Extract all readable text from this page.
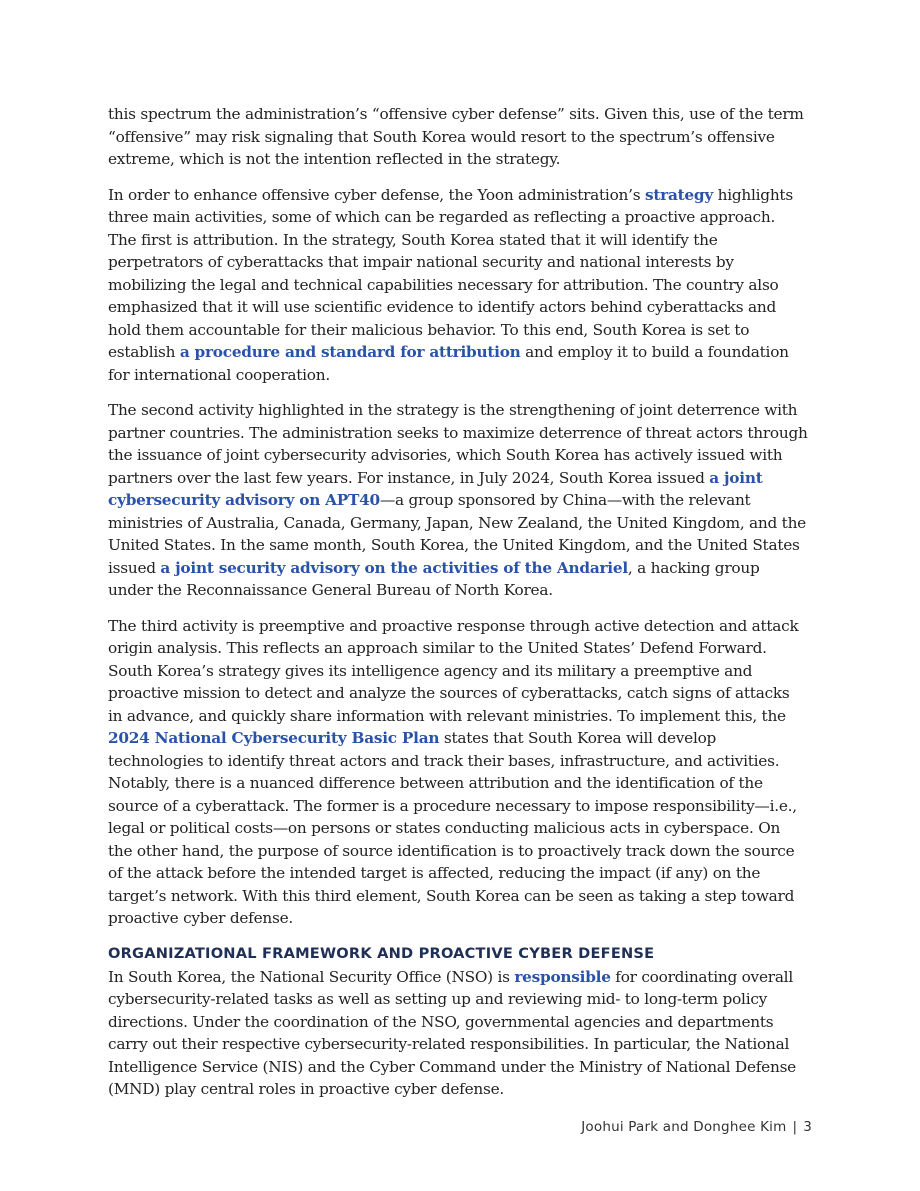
this spectrum the administration’s “offensive cyber defense” sits. Given this, use of the term “offensive” may risk signaling that South Korea would resort to the spectrum’s offensive extreme, which is not the intention reflected in the strategy.

In order to enhance offensive cyber defense, the Yoon administration’s strategy highlights three main activities, some of which can be regarded as reflecting a proactive approach. The first is attribution. In the strategy, South Korea stated that it will identify the perpetrators of cyberattacks that impair national security and national interests by mobilizing the legal and technical capabilities necessary for attribution. The country also emphasized that it will use scientific evidence to identify actors behind cyberattacks and hold them accountable for their malicious behavior. To this end, South Korea is set to establish a procedure and standard for attribution and employ it to build a foundation for international cooperation.

The second activity highlighted in the strategy is the strengthening of joint deterrence with partner countries. The administration seeks to maximize deterrence of threat actors through the issuance of joint cybersecurity advisories, which South Korea has actively issued with partners over the last few years. For instance, in July 2024, South Korea issued a joint cybersecurity advisory on APT40—a group sponsored by China—with the relevant ministries of Australia, Canada, Germany, Japan, New Zealand, the United Kingdom, and the United States. In the same month, South Korea, the United Kingdom, and the United States issued a joint security advisory on the activities of the Andariel, a hacking group under the Reconnaissance General Bureau of North Korea.

The third activity is preemptive and proactive response through active detection and attack origin analysis. This reflects an approach similar to the United States’ Defend Forward. South Korea’s strategy gives its intelligence agency and its military a preemptive and proactive mission to detect and analyze the sources of cyberattacks, catch signs of attacks in advance, and quickly share information with relevant ministries. To implement this, the 2024 National Cybersecurity Basic Plan states that South Korea will develop technologies to identify threat actors and track their bases, infrastructure, and activities. Notably, there is a nuanced difference between attribution and the identification of the source of a cyberattack. The former is a procedure necessary to impose responsibility—i.e., legal or political costs—on persons or states conducting malicious acts in cyberspace. On the other hand, the purpose of source identification is to proactively track down the source of the attack before the intended target is affected, reducing the impact (if any) on the target’s network. With this third element, South Korea can be seen as taking a step toward proactive cyber defense.

ORGANIZATIONAL FRAMEWORK AND PROACTIVE CYBER DEFENSE

In South Korea, the National Security Office (NSO) is responsible for coordinating overall cybersecurity-related tasks as well as setting up and reviewing mid- to long-term policy directions. Under the coordination of the NSO, governmental agencies and departments carry out their respective cybersecurity-related responsibilities. In particular, the National Intelligence Service (NIS) and the Cyber Command under the Ministry of National Defense (MND) play central roles in proactive cyber defense.

Joohui Park and Donghee Kim | 3
